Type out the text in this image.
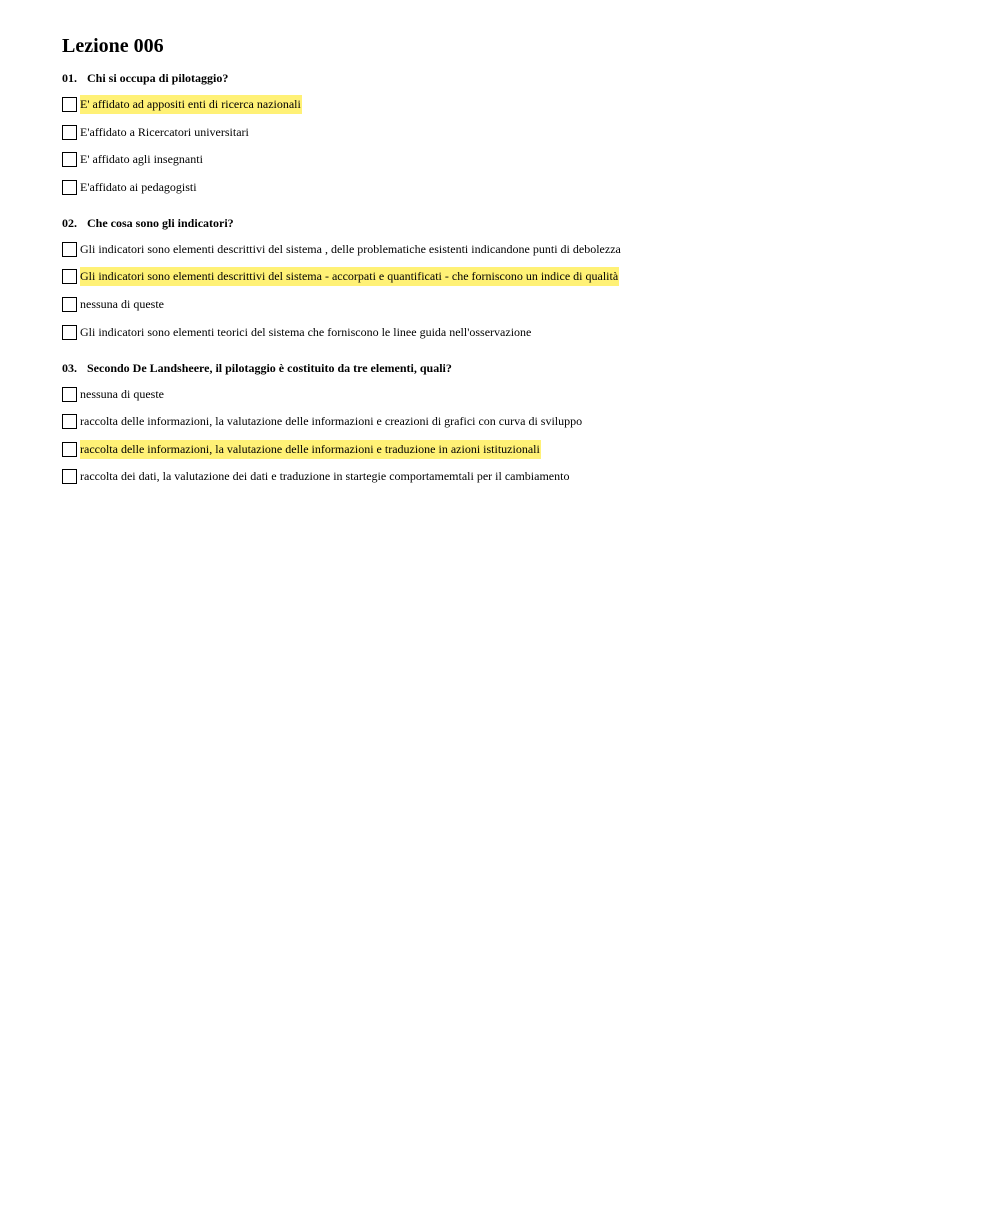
Lezione 006
01. Chi si occupa di pilotaggio?
E' affidato ad appositi enti di ricerca nazionali
E'affidato a Ricercatori universitari
E' affidato agli insegnanti
E'affidato ai pedagogisti
02. Che cosa sono gli indicatori?
Gli indicatori sono elementi descrittivi del sistema , delle problematiche esistenti indicandone punti di debolezza
Gli indicatori sono elementi descrittivi del sistema - accorpati e quantificati - che forniscono un indice di qualità
nessuna di queste
Gli indicatori sono elementi teorici del sistema che forniscono le linee guida nell'osservazione
03. Secondo De Landsheere, il pilotaggio è costituito da tre elementi, quali?
nessuna di queste
raccolta delle informazioni, la valutazione delle informazioni e creazioni di grafici con curva di sviluppo
raccolta delle informazioni, la valutazione delle informazioni e traduzione in azioni istituzionali
raccolta dei dati, la valutazione dei dati e traduzione in startegie comportamemtali per il cambiamento
